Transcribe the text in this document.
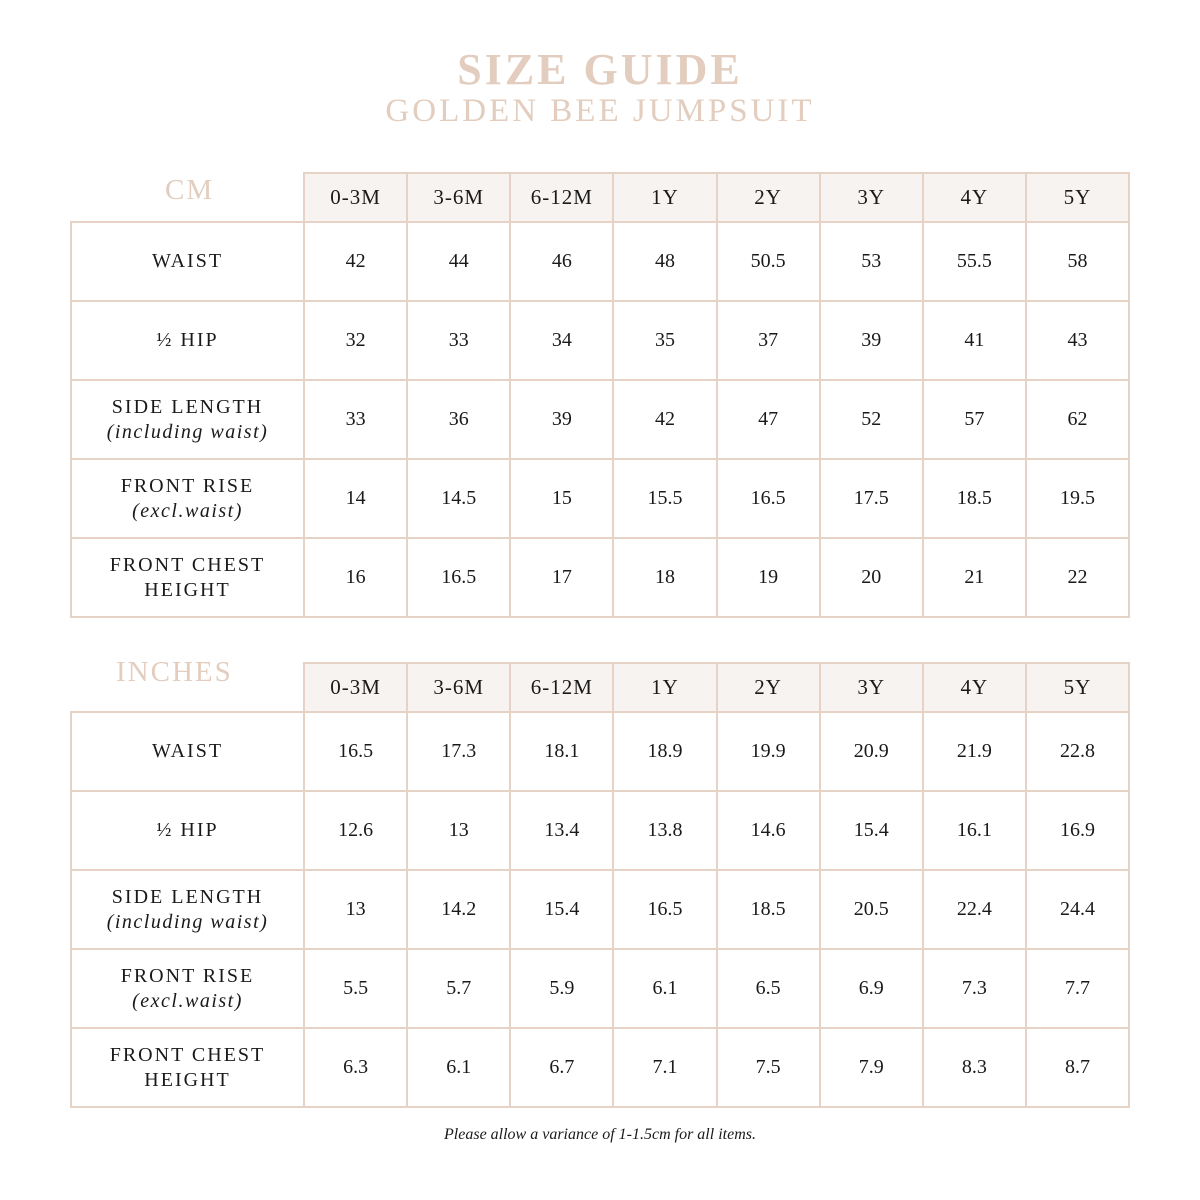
SIZE GUIDE
GOLDEN BEE JUMPSUIT
CM
		0-3M	3-6M	6-12M	1Y	2Y	3Y	4Y	5Y
WAIST	42	44	46	48	50.5	53	55.5	58
½ HIP	32	33	34	35	37	39	41	43
SIDE LENGTH
(including waist)	33	36	39	42	47	52	57	62
FRONT RISE
(excl.waist)	14	14.5	15	15.5	16.5	17.5	18.5	19.5
FRONT CHEST
HEIGHT	16	16.5	17	18	19	20	21	22
INCHES
		0-3M	3-6M	6-12M	1Y	2Y	3Y	4Y	5Y
WAIST	16.5	17.3	18.1	18.9	19.9	20.9	21.9	22.8
½ HIP	12.6	13	13.4	13.8	14.6	15.4	16.1	16.9
SIDE LENGTH
(including waist)	13	14.2	15.4	16.5	18.5	20.5	22.4	24.4
FRONT RISE
(excl.waist)	5.5	5.7	5.9	6.1	6.5	6.9	7.3	7.7
FRONT CHEST
HEIGHT	6.3	6.1	6.7	7.1	7.5	7.9	8.3	8.7
Please allow a variance of 1-1.5cm for all items.
